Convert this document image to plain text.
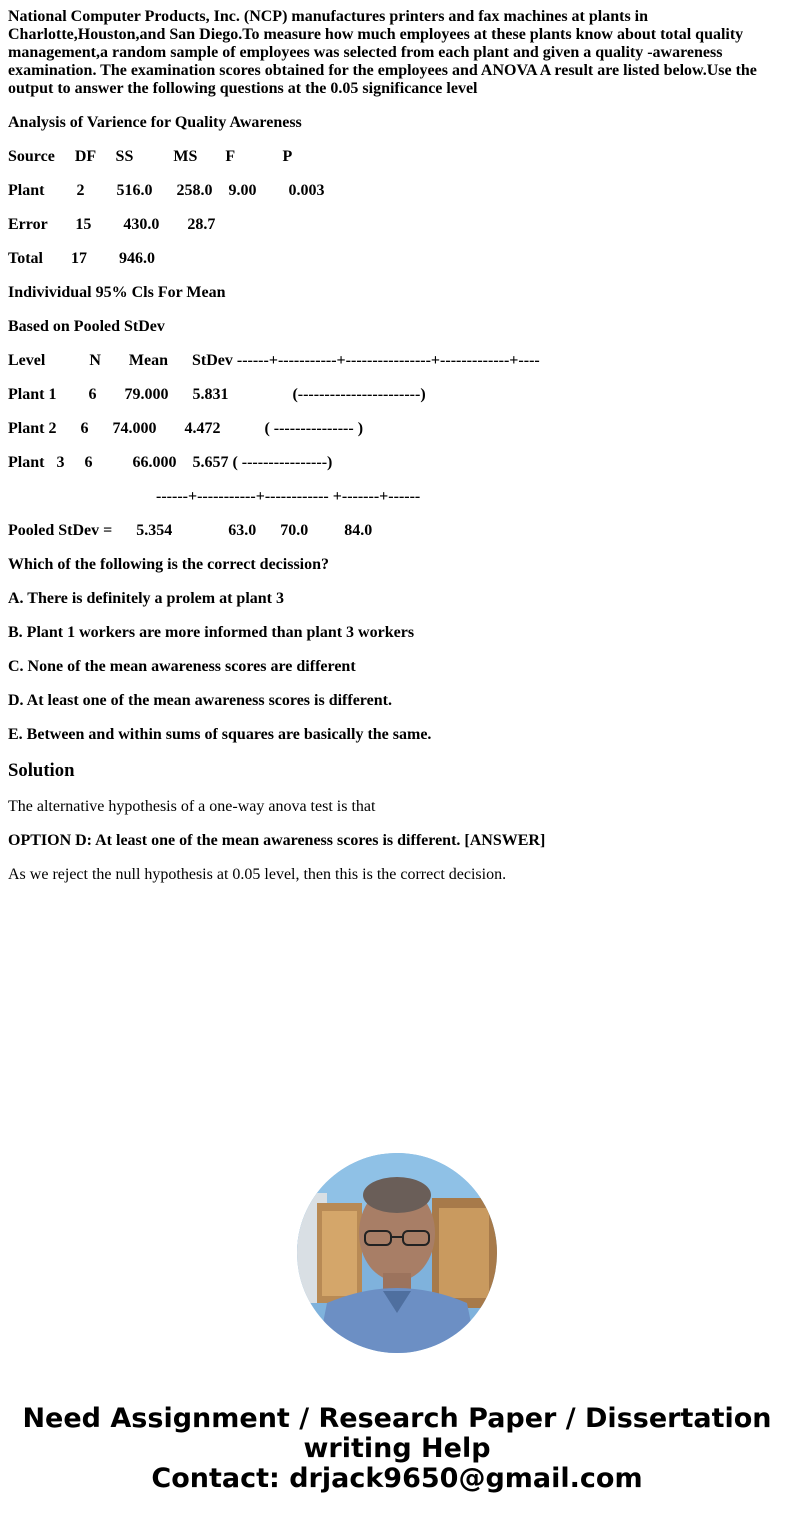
National Computer Products, Inc. (NCP) manufactures printers and fax machines at plants in Charlotte,Houston,and San Diego.To measure how much employees at these plants know about total quality management,a random sample of employees was selected from each plant and given a quality -awareness examination. The examination scores obtained for the employees and ANOVA A result are listed below.Use the output to answer the following questions at the 0.05 significance level

Analysis of Varience for Quality Awareness

Source     DF     SS          MS       F            P

Plant        2        516.0      258.0    9.00        0.003

Error       15        430.0       28.7

Total       17        946.0

Indivividual 95% Cls For Mean

Based on Pooled StDev

Level           N       Mean      StDev ------+-----------+----------------+-------------+----

Plant 1        6       79.000      5.831                (-----------------------)

Plant 2      6      74.000       4.472           ( --------------- )

Plant   3     6          66.000    5.657 ( ----------------)

------+-----------+------------ +-------+------

Pooled StDev =      5.354              63.0      70.0         84.0

Which of the following is the correct decission?

A. There is definitely a prolem at plant 3

B. Plant 1 workers are more informed than plant 3 workers

C. None of the mean awareness scores are different

D. At least one of the mean awareness scores is different.

E. Between and within sums of squares are basically the same.

Solution

The alternative hypothesis of a one-way anova test is that

OPTION D: At least one of the mean awareness scores is different. [ANSWER]

As we reject the null hypothesis at 0.05 level, then this is the correct decision.

Need Assignment / Research Paper / Dissertation
writing Help
Contact: drjack9650@gmail.com
